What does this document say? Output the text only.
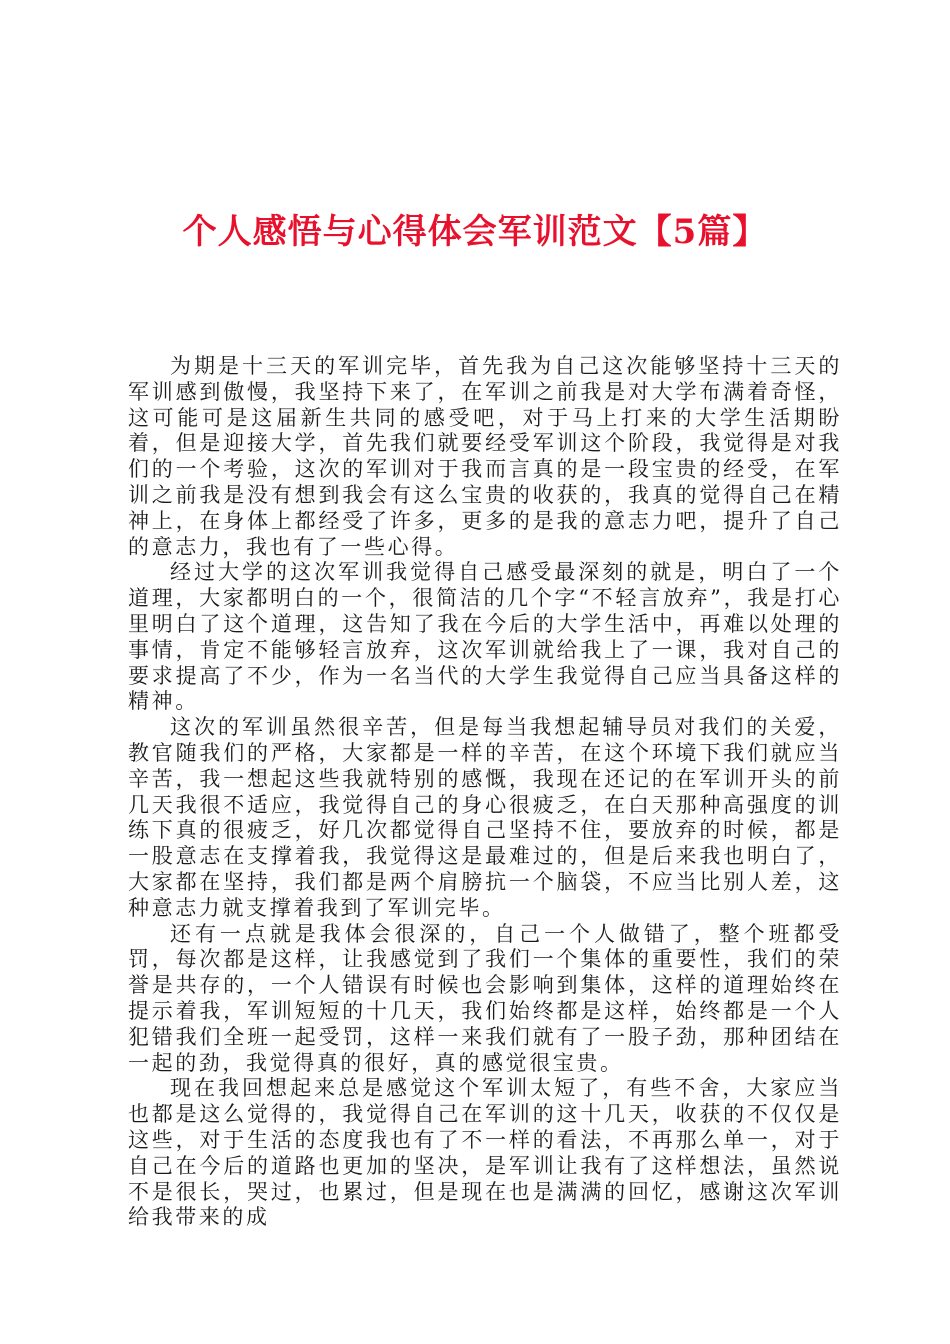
个人感悟与心得体会军训范文【5篇】

为期是十三天的军训完毕，首先我为自己这次能够坚持十三天的军训感到傲慢，我坚持下来了，在军训之前我是对大学布满着奇怪，这可能可是这届新生共同的感受吧，对于马上打来的大学生活期盼着，但是迎接大学，首先我们就要经受军训这个阶段，我觉得是对我们的一个考验，这次的军训对于我而言真的是一段宝贵的经受，在军训之前我是没有想到我会有这么宝贵的收获的，我真的觉得自己在精神上，在身体上都经受了许多，更多的是我的意志力吧，提升了自己的意志力，我也有了一些心得。

经过大学的这次军训我觉得自己感受最深刻的就是，明白了一个道理，大家都明白的一个，很简洁的几个字“不轻言放弃”，我是打心里明白了这个道理，这告知了我在今后的大学生活中，再难以处理的事情，肯定不能够轻言放弃，这次军训就给我上了一课，我对自己的要求提高了不少，作为一名当代的大学生我觉得自己应当具备这样的精神。

这次的军训虽然很辛苦，但是每当我想起辅导员对我们的关爱，教官随我们的严格，大家都是一样的辛苦，在这个环境下我们就应当辛苦，我一想起这些我就特别的感慨，我现在还记的在军训开头的前几天我很不适应，我觉得自己的身心很疲乏，在白天那种高强度的训练下真的很疲乏，好几次都觉得自己坚持不住，要放弃的时候，都是一股意志在支撑着我，我觉得这是最难过的，但是后来我也明白了，大家都在坚持，我们都是两个肩膀抗一个脑袋，不应当比别人差，这种意志力就支撑着我到了军训完毕。

还有一点就是我体会很深的，自己一个人做错了，整个班都受罚，每次都是这样，让我感觉到了我们一个集体的重要性，我们的荣誉是共存的，一个人错误有时候也会影响到集体，这样的道理始终在提示着我，军训短短的十几天，我们始终都是这样，始终都是一个人犯错我们全班一起受罚，这样一来我们就有了一股子劲，那种团结在一起的劲，我觉得真的很好，真的感觉很宝贵。

现在我回想起来总是感觉这个军训太短了，有些不舍，大家应当也都是这么觉得的，我觉得自己在军训的这十几天，收获的不仅仅是这些，对于生活的态度我也有了不一样的看法，不再那么单一，对于自己在今后的道路也更加的坚决，是军训让我有了这样想法，虽然说不是很长，哭过，也累过，但是现在也是满满的回忆，感谢这次军训给我带来的成
